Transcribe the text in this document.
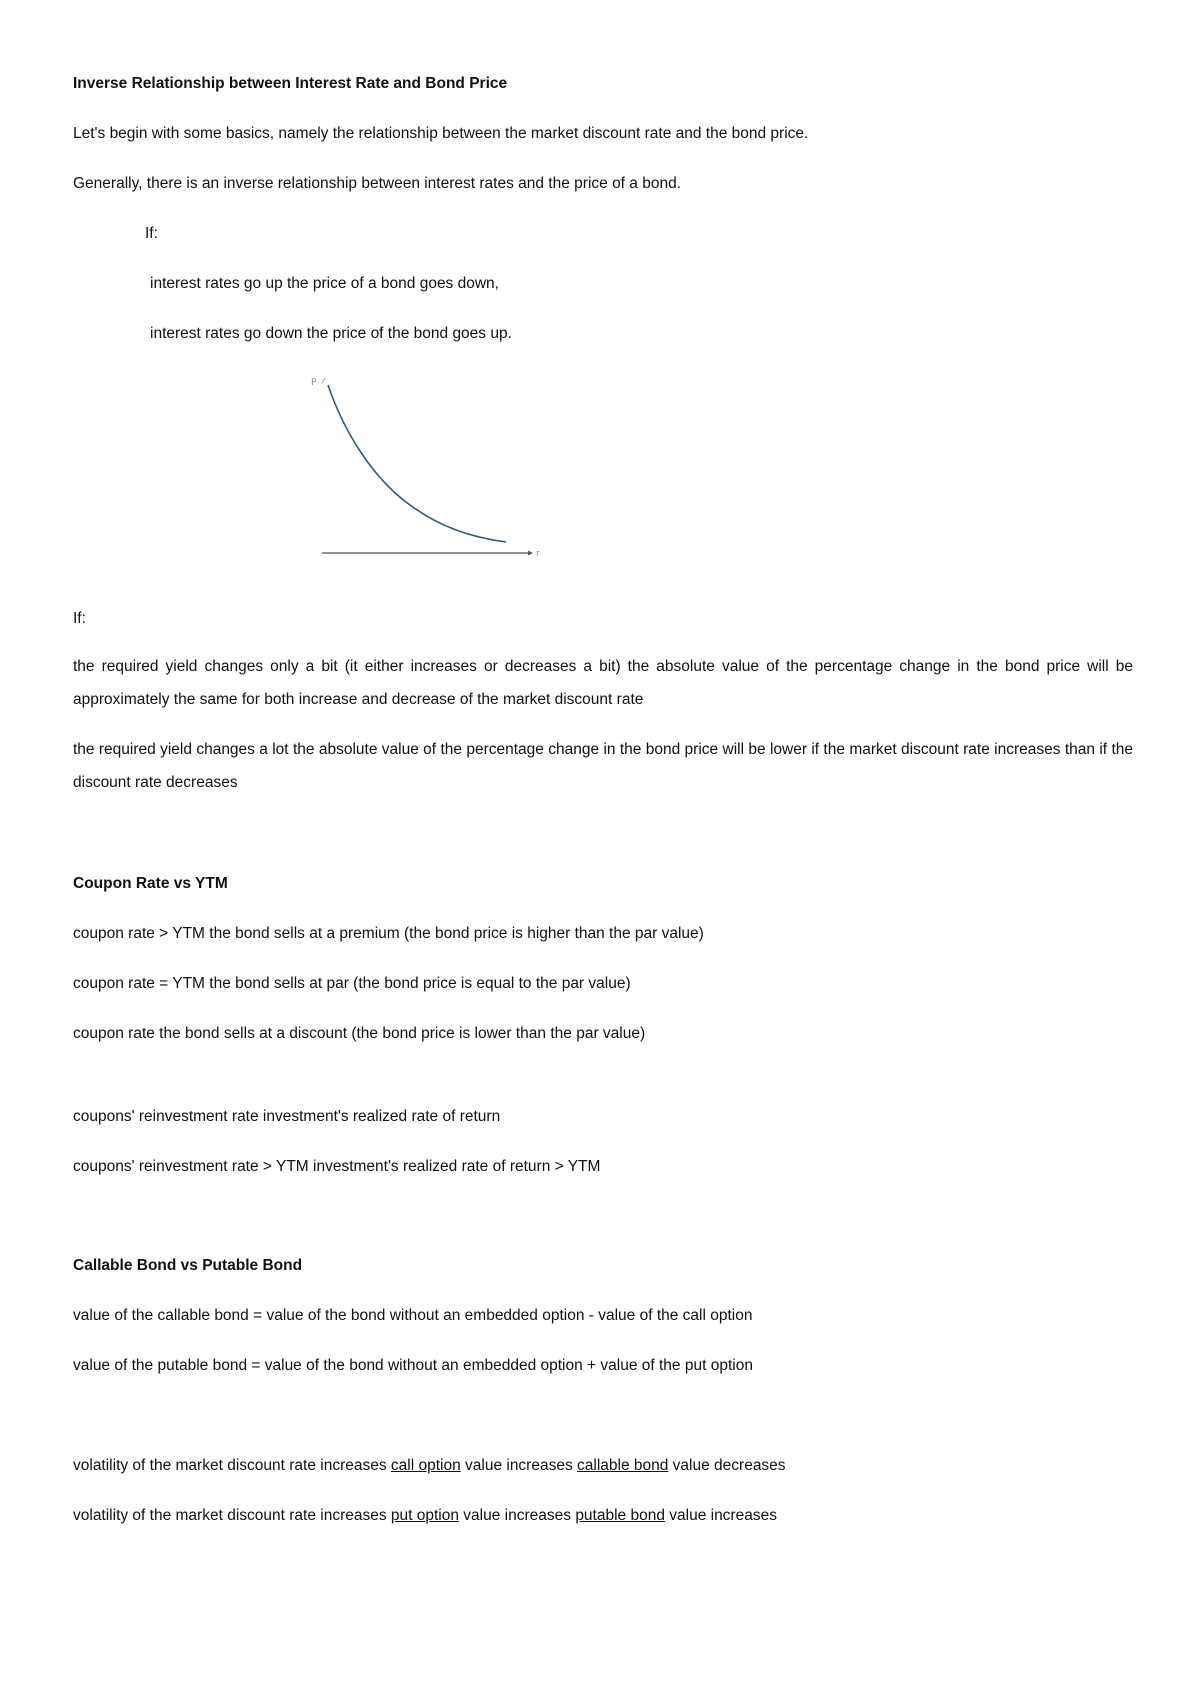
Inverse Relationship between Interest Rate and Bond Price
Let's begin with some basics, namely the relationship between the market discount rate and the bond price.
Generally, there is an inverse relationship between interest rates and the price of a bond.
If:
interest rates go up the price of a bond goes down,
interest rates go down the price of the bond goes up.
P
r
If:
the required yield changes only a bit (it either increases or decreases a bit) the absolute value of the percentage change in the bond price will be approximately the same for both increase and decrease of the market discount rate
the required yield changes a lot the absolute value of the percentage change in the bond price will be lower if the market discount rate increases than if the discount rate decreases
Coupon Rate vs YTM
coupon rate > YTM the bond sells at a premium (the bond price is higher than the par value)
coupon rate = YTM the bond sells at par (the bond price is equal to the par value)
coupon rate the bond sells at a discount (the bond price is lower than the par value)
coupons' reinvestment rate investment's realized rate of return
coupons' reinvestment rate > YTM investment's realized rate of return > YTM
Callable Bond vs Putable Bond
value of the callable bond = value of the bond without an embedded option - value of the call option
value of the putable bond = value of the bond without an embedded option + value of the put option
volatility of the market discount rate increases call option value increases callable bond value decreases
volatility of the market discount rate increases put option value increases putable bond value increases
